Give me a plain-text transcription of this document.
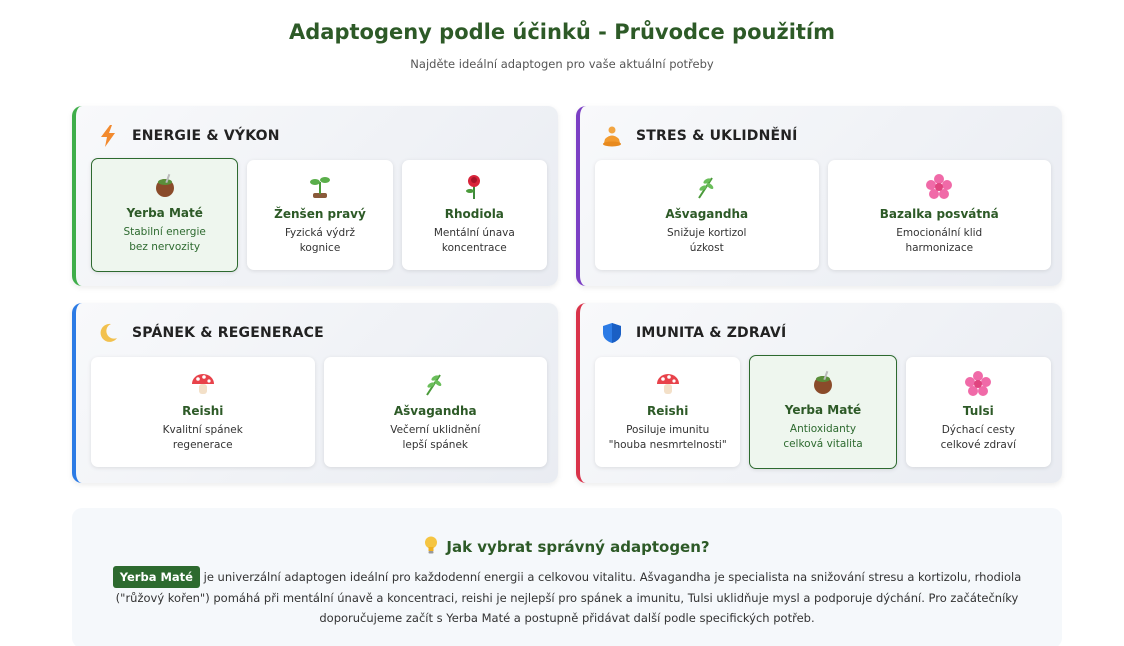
Adaptogeny podle účinků - Průvodce použitím
Najděte ideální adaptogen pro vaše aktuální potřeby
ENERGIE & VÝKON
Yerba Maté
Stabilní energie
bez nervozity
Ženšen pravý
Fyzická výdrž
kognice
Rhodiola
Mentální únava
koncentrace
STRES & UKLIDNĚNÍ
Ašvagandha
Snižuje kortizol
úzkost
Bazalka posvátná
Emocionální klid
harmonizace
SPÁNEK & REGENERACE
Reishi
Kvalitní spánek
regenerace
Ašvagandha
Večerní uklidnění
lepší spánek
IMUNITA & ZDRAVÍ
Reishi
Posiluje imunitu
"houba nesmrtelnosti"
Yerba Maté
Antioxidanty
celková vitalita
Tulsi
Dýchací cesty
celkové zdraví
Jak vybrat správný adaptogen?
Yerba Maté je univerzální adaptogen ideální pro každodenní energii a celkovou vitalitu. Ašvagandha je specialista na snižování stresu a kortizolu, rhodiola ("růžový kořen") pomáhá při mentální únavě a koncentraci, reishi je nejlepší pro spánek a imunitu, Tulsi uklidňuje mysl a podporuje dýchání. Pro začátečníky doporučujeme začít s Yerba Maté a postupně přidávat další podle specifických potřeb.
